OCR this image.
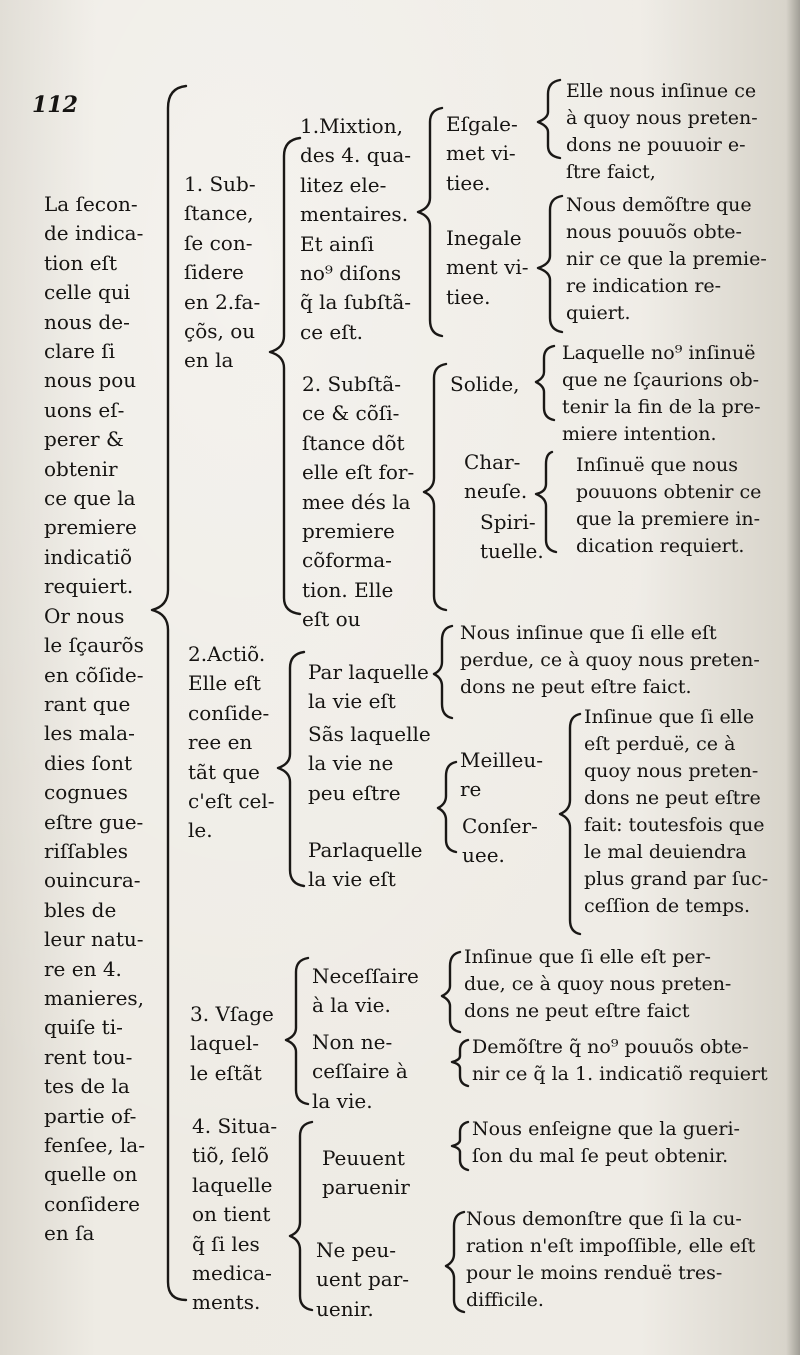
112

La ſecon-
de indica-
tion eſt
celle qui
nous de-
clare ſi
nous pou
uons eſ-
perer &
obtenir
ce que la
premiere
indicatiõ
requiert.
Or nous
le ſçaurõs
en cõſide-
rant que
les mala-
dies ſont
cognues
eſtre gue-
riſſables
ouincura-
bles de
leur natu-
re en 4.
manieres,
quiſe ti-
rent tou-
tes de la
partie of-
fenſee, la-
quelle on
conſidere
en ſa

1. Sub-
ſtance,
ſe con-
ſidere
en 2.fa-
çõs, ou
en la

2.Actiõ.
Elle eſt
conſide-
ree en
tãt que
c'eſt cel-
le.

3. Vſage
laquel-
le eſtãt

4. Situa-
tiõ, ſelõ
laquelle
on tient
q̃ ſi les
medica-
ments.

1.Mixtion,
des 4. qua-
litez ele-
mentaires.
Et ainſi
no⁹ diſons
q̃ la ſubſtã-
ce eſt.

2. Subſtã-
ce & cõſi-
ſtance dõt
elle eſt for-
mee dés la
premiere
cõforma-
tion. Elle
eſt ou

Eſgale-
met vi-
tiee.

Inegale
ment vi-
tiee.

Elle nous inſinue ce
à quoy nous preten-
dons ne pouuoir e-
ſtre faict,

Nous demõſtre que
nous pouuõs obte-
nir ce que la premie-
re indication re-
quiert.

Solide,

Laquelle no⁹ inſinuë
que ne ſçaurions ob-
tenir la fin de la pre-
miere intention.

Char-
neuſe.

Spiri-
tuelle.

Inſinuë que nous
pouuons obtenir ce
que la premiere in-
dication requiert.

Par laquelle
la vie eſt

Sãs laquelle
la vie ne
peu eſtre

Parlaquelle
la vie eſt

Nous inſinue que ſi elle eſt
perdue, ce à quoy nous preten-
dons ne peut eſtre faict.

Meilleu-
re

Conſer-
uee.

Inſinue que ſi elle
eſt perduë, ce à
quoy nous preten-
dons ne peut eſtre
fait: toutesfois que
le mal deuiendra
plus grand par ſuc-
ceſſion de temps.

Neceſſaire
à la vie.

Non ne-
ceſſaire à
la vie.

Inſinue que ſi elle eſt per-
due, ce à quoy nous preten-
dons ne peut eſtre faict

Demõſtre q̃ no⁹ pouuõs obte-
nir ce q̃ la 1. indicatiõ requiert

Peuuent
paruenir

Ne peu-
uent par-
uenir.

Nous enſeigne que la gueri-
ſon du mal ſe peut obtenir.

Nous demonſtre que ſi la cu-
ration n'eſt impoſſible, elle eſt
pour le moins renduë tres-
difficile.
